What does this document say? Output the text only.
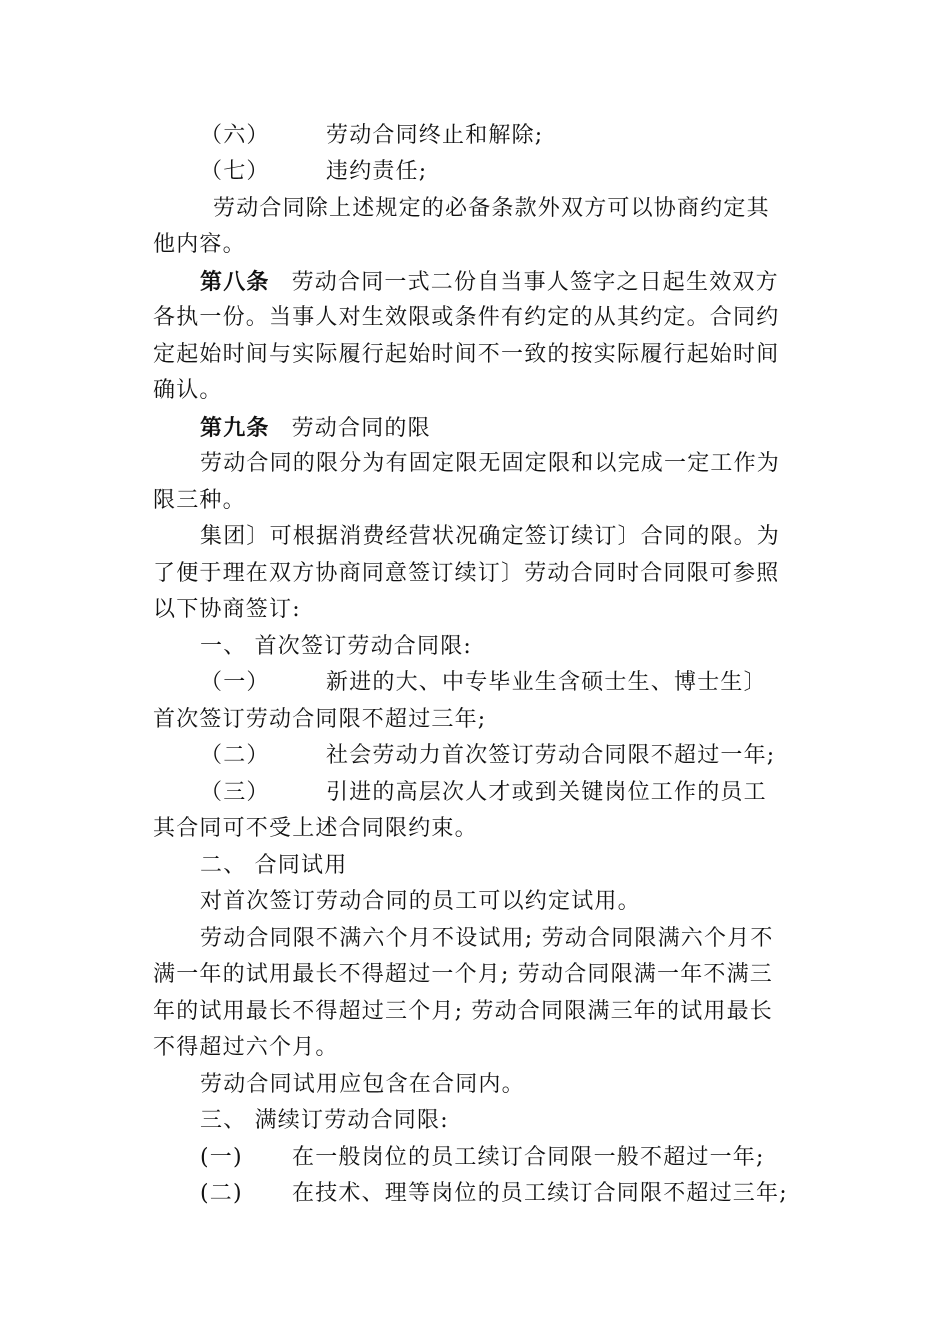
（六）	劳动合同终止和解除;
（七）	违约责任;
劳动合同除上述规定的必备条款外双方可以协商约定其
他内容。
第八条 劳动合同一式二份自当事人签字之日起生效双方
各执一份。当事人对生效限或条件有约定的从其约定。合同约
定起始时间与实际履行起始时间不一致的按实际履行起始时间
确认。
第九条 劳动合同的限
劳动合同的限分为有固定限无固定限和以完成一定工作为
限三种。
集团〕可根据消费经营状况确定签订续订〕合同的限。为
了便于理在双方协商同意签订续订〕劳动合同时合同限可参照
以下协商签订:
一、 首次签订劳动合同限:
（一）	新进的大、中专毕业生含硕士生、博士生〕
首次签订劳动合同限不超过三年;
（二）	社会劳动力首次签订劳动合同限不超过一年;
（三）	引进的高层次人才或到关键岗位工作的员工
其合同可不受上述合同限约束。
二、 合同试用
对首次签订劳动合同的员工可以约定试用。
劳动合同限不满六个月不设试用; 劳动合同限满六个月不
满一年的试用最长不得超过一个月; 劳动合同限满一年不满三
年的试用最长不得超过三个月; 劳动合同限满三年的试用最长
不得超过六个月。
劳动合同试用应包含在合同内。
三、 满续订劳动合同限:
(一) 在一般岗位的员工续订合同限一般不超过一年;
(二) 在技术、理等岗位的员工续订合同限不超过三年;
